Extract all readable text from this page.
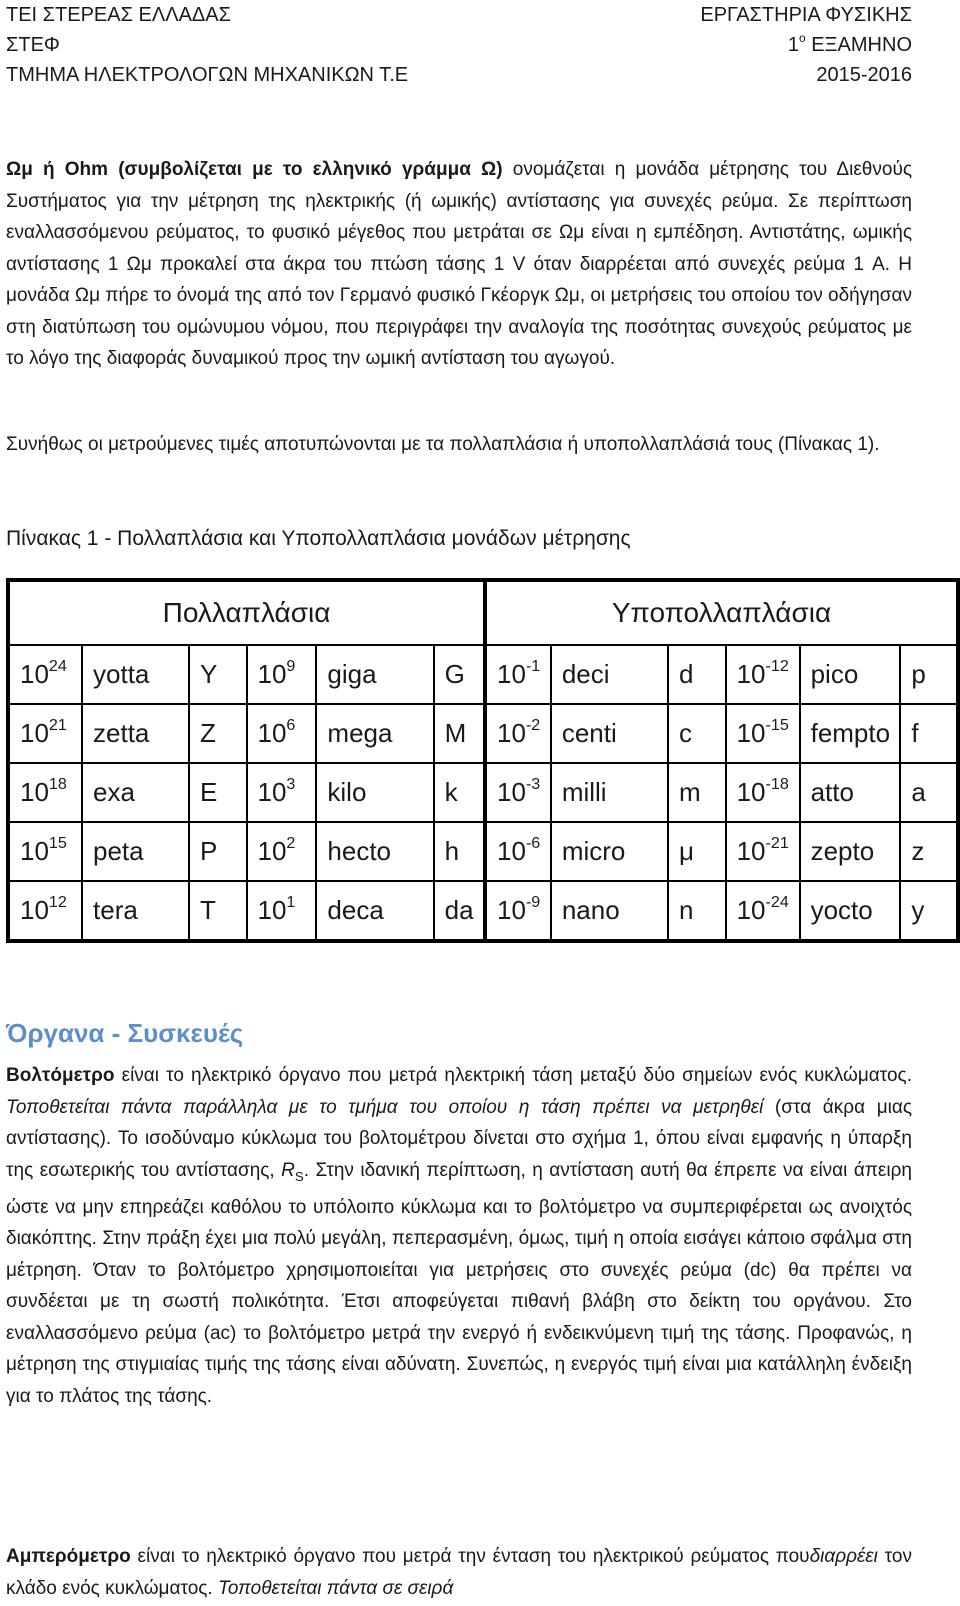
ΤΕΙ ΣΤΕΡΕΑΣ ΕΛΛΑΔΑΣ
ΣΤΕΦ
ΤΜΗΜΑ ΗΛΕΚΤΡΟΛΟΓΩΝ ΜΗΧΑΝΙΚΩΝ Τ.Ε
ΕΡΓΑΣΤΗΡΙΑ ΦΥΣΙΚΗΣ
$1^o$ ΕΞΑΜΗΝΟ
2015-2016

Ωμ ή Ohm (συμβολίζεται με το ελληνικό γράμμα Ω) ονομάζεται η μονάδα μέτρησης του Διεθνούς Συστήματος για την μέτρηση της ηλεκτρικής (ή ωμικής) αντίστασης για συνεχές ρεύμα. Σε περίπτωση εναλλασσόμενου ρεύματος, το φυσικό μέγεθος που μετράται σε Ωμ είναι η εμπέδηση. Αντιστάτης, ωμικής αντίστασης 1 Ωμ προκαλεί στα άκρα του πτώση τάσης 1 V όταν διαρρέεται από συνεχές ρεύμα 1 A. Η μονάδα Ωμ πήρε το όνομά της από τον Γερμανό φυσικό Γκέοργκ Ωμ, οι μετρήσεις του οποίου τον οδήγησαν στη διατύπωση του ομώνυμου νόμου, που περιγράφει την αναλογία της ποσότητας συνεχούς ρεύματος με το λόγο της διαφοράς δυναμικού προς την ωμική αντίσταση του αγωγού.

Συνήθως οι μετρούμενες τιμές αποτυπώνονται με τα πολλαπλάσια ή υποπολλαπλάσιά τους (Πίνακας 1).

Πίνακας 1 - Πολλαπλάσια και Υποπολλαπλάσια μονάδων μέτρησης
Πολλαπλάσια						Υποπολλαπλάσια					
$10^{24}$	yotta	Y	$10^9$	giga	G	$10^{-1}$	deci	d	$10^{-12}$	pico	p
$10^{21}$	zetta	Z	$10^6$	mega	M	$10^{-2}$	centi	c	$10^{-15}$	fempto	f
$10^{18}$	exa	E	$10^3$	kilo	k	$10^{-3}$	milli	m	$10^{-18}$	atto	a
$10^{15}$	peta	P	$10^2$	hecto	h	$10^{-6}$	micro	μ	$10^{-21}$	zepto	z
$10^{12}$	tera	T	$10^1$	deca	da	$10^{-9}$	nano	n	$10^{-24}$	yocto	y
Όργανα - Συσκευές

Βολτόμετρο είναι το ηλεκτρικό όργανο που μετρά ηλεκτρική τάση μεταξύ δύο σημείων ενός κυκλώματος. Τοποθετείται πάντα παράλληλα με το τμήμα του οποίου η τάση πρέπει να μετρηθεί (στα άκρα μιας αντίστασης). Το ισοδύναμο κύκλωμα του βολτομέτρου δίνεται στο σχήμα 1, όπου είναι εμφανής η ύπαρξη της εσωτερικής του αντίστασης, $R_S$. Στην ιδανική περίπτωση, η αντίσταση αυτή θα έπρεπε να είναι άπειρη ώστε να μην επηρεάζει καθόλου το υπόλοιπο κύκλωμα και το βολτόμετρο να συμπεριφέρεται ως ανοιχτός διακόπτης. Στην πράξη έχει μια πολύ μεγάλη, πεπερασμένη, όμως, τιμή η οποία εισάγει κάποιο σφάλμα στη μέτρηση. Όταν το βολτόμετρο χρησιμοποιείται για μετρήσεις στο συνεχές ρεύμα (dc) θα πρέπει να συνδέεται με τη σωστή πολικότητα. Έτσι αποφεύγεται πιθανή βλάβη στο δείκτη του οργάνου. Στο εναλλασσόμενο ρεύμα (ac) το βολτόμετρο μετρά την ενεργό ή ενδεικνύμενη τιμή της τάσης. Προφανώς, η μέτρηση της στιγμιαίας τιμής της τάσης είναι αδύνατη. Συνεπώς, η ενεργός τιμή είναι μια κατάλληλη ένδειξη για το πλάτος της τάσης.

Αμπερόμετρο είναι το ηλεκτρικό όργανο που μετρά την ένταση του ηλεκτρικού ρεύματος πουδιαρρέει τον κλάδο ενός κυκλώματος. Τοποθετείται πάντα σε σειρά
